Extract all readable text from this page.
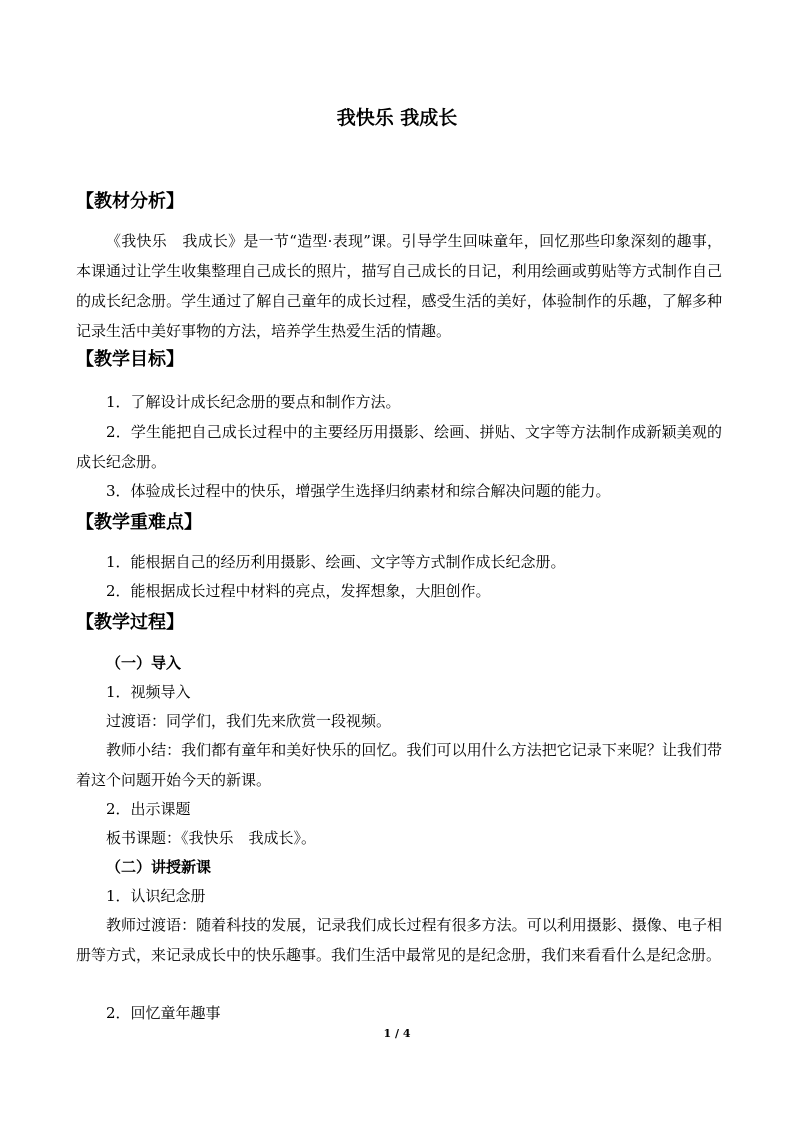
我快乐 我成长
【教材分析】
《我快乐　我成长》是一节“造型·表现”课。引导学生回味童年，回忆那些印象深刻的趣事，本课通过让学生收集整理自己成长的照片，描写自己成长的日记，利用绘画或剪贴等方式制作自己的成长纪念册。学生通过了解自己童年的成长过程，感受生活的美好，体验制作的乐趣，了解多种记录生活中美好事物的方法，培养学生热爱生活的情趣。
【教学目标】
1．了解设计成长纪念册的要点和制作方法。
2．学生能把自己成长过程中的主要经历用摄影、绘画、拼贴、文字等方法制作成新颖美观的成长纪念册。
3．体验成长过程中的快乐，增强学生选择归纳素材和综合解决问题的能力。
【教学重难点】
1．能根据自己的经历利用摄影、绘画、文字等方式制作成长纪念册。
2．能根据成长过程中材料的亮点，发挥想象，大胆创作。
【教学过程】
（一）导入
1．视频导入
过渡语：同学们，我们先来欣赏一段视频。
教师小结：我们都有童年和美好快乐的回忆。我们可以用什么方法把它记录下来呢？让我们带着这个问题开始今天的新课。
2．出示课题
板书课题：《我快乐　我成长》。
（二）讲授新课
1．认识纪念册
教师过渡语：随着科技的发展，记录我们成长过程有很多方法。可以利用摄影、摄像、电子相册等方式，来记录成长中的快乐趣事。我们生活中最常见的是纪念册，我们来看看什么是纪念册。
2．回忆童年趣事
1 / 4
